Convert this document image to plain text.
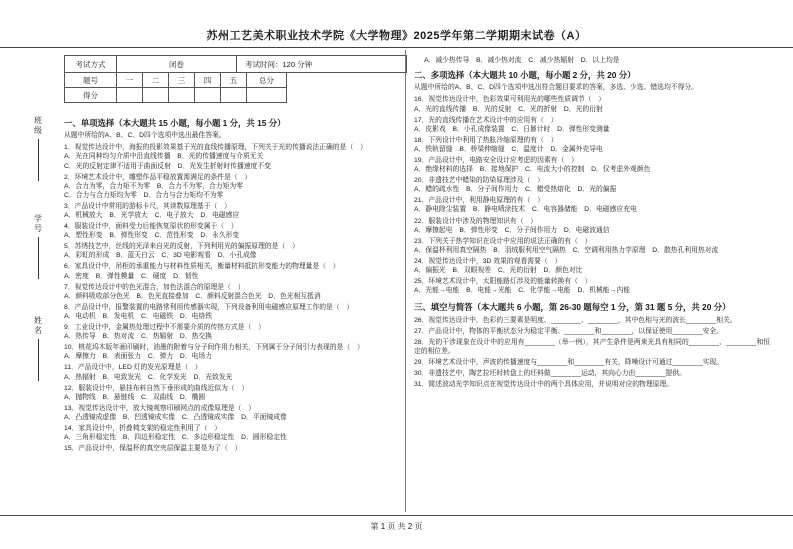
苏州工艺美术职业技术学院《大学物理》2025学年第二学期期末试卷（A）
班级
学号
姓名
考试方式	闭卷	考试时间：120 分钟
题号	一	二	三	四	五	总分
得分						
一、单项选择（本大题共 15 小题，每小题 1 分，共 15 分）
从题中所给的A、B、C、D四个选项中选出最佳答案。
1．视觉传达设计中，海报的投影效果基于光的直线传播原理，下列关于光的传播说法正确的是（　）
A．光在同种均匀介质中沿直线传播　B．光的传播速度与介质无关
C．光的反射定律不适用于曲面反射　D．光发生折射时传播速度不变
2．环境艺术设计中，雕塑作品平稳放置需满足的条件是（　）
A．合力为零，合力矩不为零　B．合力不为零，合力矩为零
C．合力与合力矩均为零　D．合力与合力矩均不为零
3．产品设计中常用的游标卡尺，其读数原理基于（　）
A．机械放大　B．光学放大　C．电子放大　D．电磁感应
4．服装设计中，面料受力后能恢复原状的形变属于（　）
A．塑性形变　B．弹性形变　C．范性形变　D．永久形变
5．苏绣技艺中，丝线的光泽来自光的反射，下列利用光的偏振原理的是（　）
A．彩虹的形成　B．蓝天白云　C．3D 电影观看　D．小孔成像
6．家具设计中，吊柜的承重能力与材料性质相关，衡量材料抵抗形变能力的物理量是（　）
A．密度　B．弹性模量　C．硬度　D．韧性
7．视觉传达设计中的色光混合，加色法混合的原理是（　）
A．颜料吸收部分色光　B．色光直接叠加　C．颜料反射混合色光　D．色光相互抵消
8．产品设计中，报警装置的电路常利用传感器实现，下列设备利用电磁感应原理工作的是（　）
A．电动机　B．发电机　C．电磁铁　D．电烙铁
9．工业设计中，金属热处理过程中不需要介质的传热方式是（　）
A．热传导　B．热对流　C．热辐射　D．热交换
10．桃花坞木版年画印刷时，油墨的附着与分子间作用力相关，下列属于分子间引力表现的是（　）
A．摩擦力　B．表面张力　C．弹力　D．电场力
11．产品设计中，LED 灯的发光原理是（　）
A．热辐射　B．电致发光　C．化学发光　D．光致发光
12．服装设计中，悬挂布料自然下垂形成的曲线近似为（　）
A．抛物线　B．悬链线　C．双曲线　D．椭圆
13．视觉传达设计中，放大镜观察印刷网点的成像原理是（　）
A．凸透镜成虚像　B．凹透镜成实像　C．凸透镜成实像　D．平面镜成像
14．家具设计中，折叠椅支架的稳定性利用了（　）
A．三角形稳定性　B．四边形稳定性　C．多边形稳定性　D．圆形稳定性
15．产品设计中，保温杯的真空夹层保温主要是为了（　）
A．减少热传导　B．减少热对流　C．减少热辐射　D．以上均是
二、多项选择（本大题共 10 小题，每小题 2 分，共 20 分）
从题中所给的A、B、C、D四个选项中选出符合题目要求的答案，多选、少选、错选均不得分。
16．视觉传达设计中，色彩效果可利用光的哪些性质调节（　）
A．光的直线传播　B．光的反射　C．光的折射　D．光的衍射
17．光的直线传播在艺术设计中的应用有（　）
A．皮影戏　B．小孔成像装置　C．日晷计时　D．弹性形变测量
18．下列设计中利用了热胀冷缩原理的有（　）
A．铁轨留缝　B．桥梁伸缩缝　C．温度计　D．金属外壳导电
19．产品设计中，电路安全设计应考虑的因素有（　）
A．绝缘材料的选择　B．接地保护　C．电流大小的控制　D．仅考虑外观颜色
20．非遗技艺中蜡染的防染原理涉及（　）
A．蜡的疏水性　B．分子间作用力　C．蜡受热熔化　D．光的偏振
21．产品设计中，利用静电原理的有（　）
A．静电除尘装置　B．静电喷涂技术　C．电容器储能　D．电磁感应充电
22．服装设计中涉及的物理知识有（　）
A．摩擦起电　B．弹性形变　C．分子间作用力　D．电磁波通信
23．下列关于热学知识在设计中应用的说法正确的有（　）
A．保温杯利用真空隔热　B．羽绒服利用空气隔热　C．空调利用热力学原理　D．散热孔利用热对流
24．视觉传达设计中，3D 效果的观看需要（　）
A．偏振光　B．双眼视差　C．光的衍射　D．颜色对比
25．环境艺术设计中，太阳能路灯涉及的能量转换有（　）
A．光能→电能　B．电能→光能　C．化学能→电能　D．机械能→内能
三、填空与简答（本大题共 6 小题，第 26-30 题每空 1 分，第 31 题 5 分，共 20 分）
26．视觉传达设计中，色彩的三要素是明度、________、________，其中色相与光的波长________相关。
27．产品设计中，物体的平衡状态分为稳定平衡、________和________，以保证使用________安全。
28．光的干涉现象在设计中的应用有________（举一例），其产生条件是两束光具有相同的________、________和恒定的相位差。
29．环境艺术设计中，声波的传播速度与________和________有关，降噪设计可通过________实现。
30．非遗技艺中，陶艺拉坯时转盘上的坯料做________运动，其向心力由________提供。
31．简述波动光学知识点在视觉传达设计中的两个具体应用，并说明对应的物理原理。
第 1 页 共 2 页
